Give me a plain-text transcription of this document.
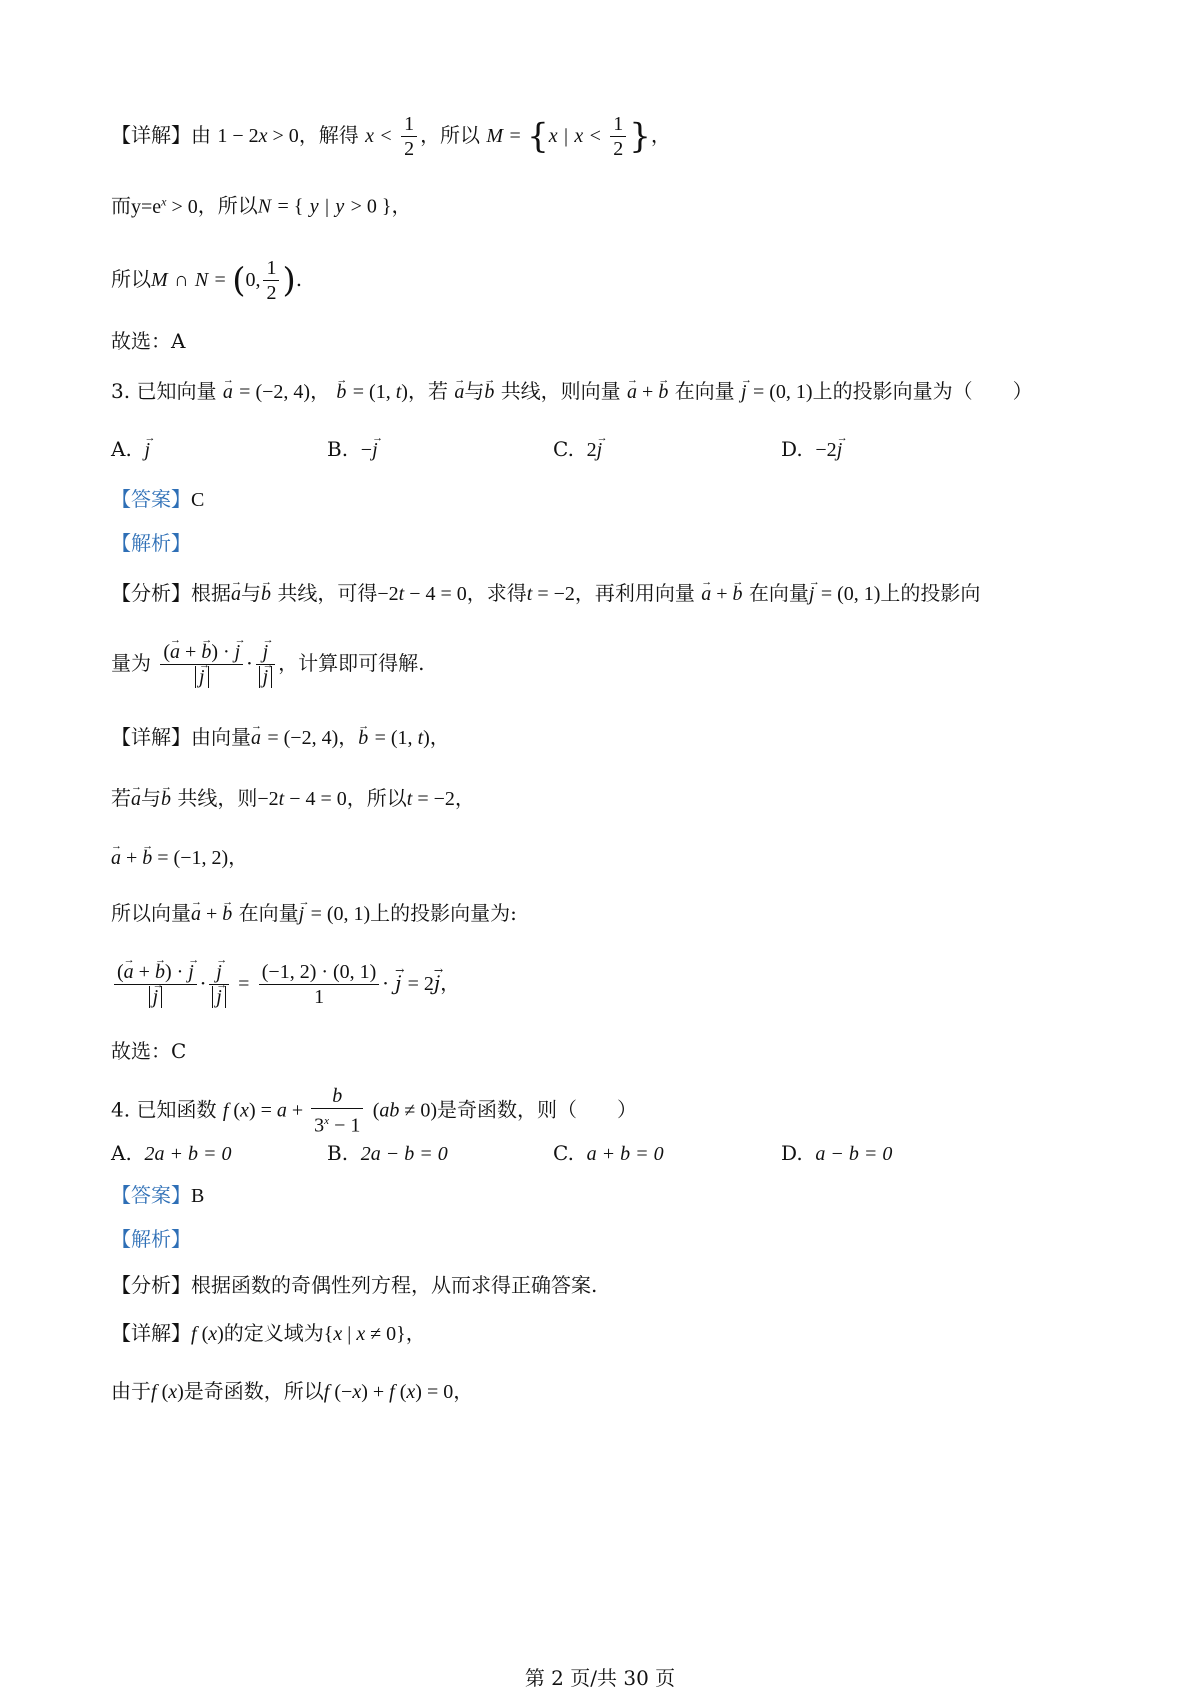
【详解】由 1 − 2x > 0，解得 $x < \frac{1}{2}$ ，所以 M = {x | $x < \frac{1}{2}$ }，
而$y=e^x > 0$，所以N = { y | y > 0 }，
所以M ∩ N = (0, $\frac{1}{2}$ ).
故选：A
3. 已知向量 → a = (−2, 4)， → b = (1, t)，若 → a与→ b 共线，则向量 → a + → b 在向量 → j = (0, 1)上的投影向量为（　　）
A. → j	B. −→ j	C. 2→ j	D. −2→ j
【答案】C
【解析】
【分析】根据→ a与→ b 共线，可得−2t − 4 = 0，求得t = −2，再利用向量 → a + → b 在向量→ j = (0, 1)上的投影向
量为 (→ a + → b) · → j
→ j · → j
→ j ，计算即可得解.
【详解】由向量→ a = (−2, 4)，→ b = (1, t)，
若→ a与→ b 共线，则−2t − 4 = 0，所以t = −2，
→ a + → b = (−1, 2)，
所以向量→ a + → b 在向量→ j = (0, 1)上的投影向量为:
(→ a + → b) · → j
→ j · → j
→ $j = \frac{(-1, 2) \cdot (0, 1)}{1}$ · → j = 2→ j，
故选：C
4. 已知函数 f $(x) = a + \frac{b}{3^x - 1} (ab \ne 0)$是奇函数，则（　　）
A. 2a + b = 0	B. 2a − b = 0	C. a + b = 0	D. a − b = 0
【答案】B
【解析】
【分析】根据函数的奇偶性列方程，从而求得正确答案.
【详解】f (x)的定义域为{x | x ≠ 0}，
由于f (x)是奇函数，所以f (−x) + f (x) = 0，
第 2 页/共 30 页
